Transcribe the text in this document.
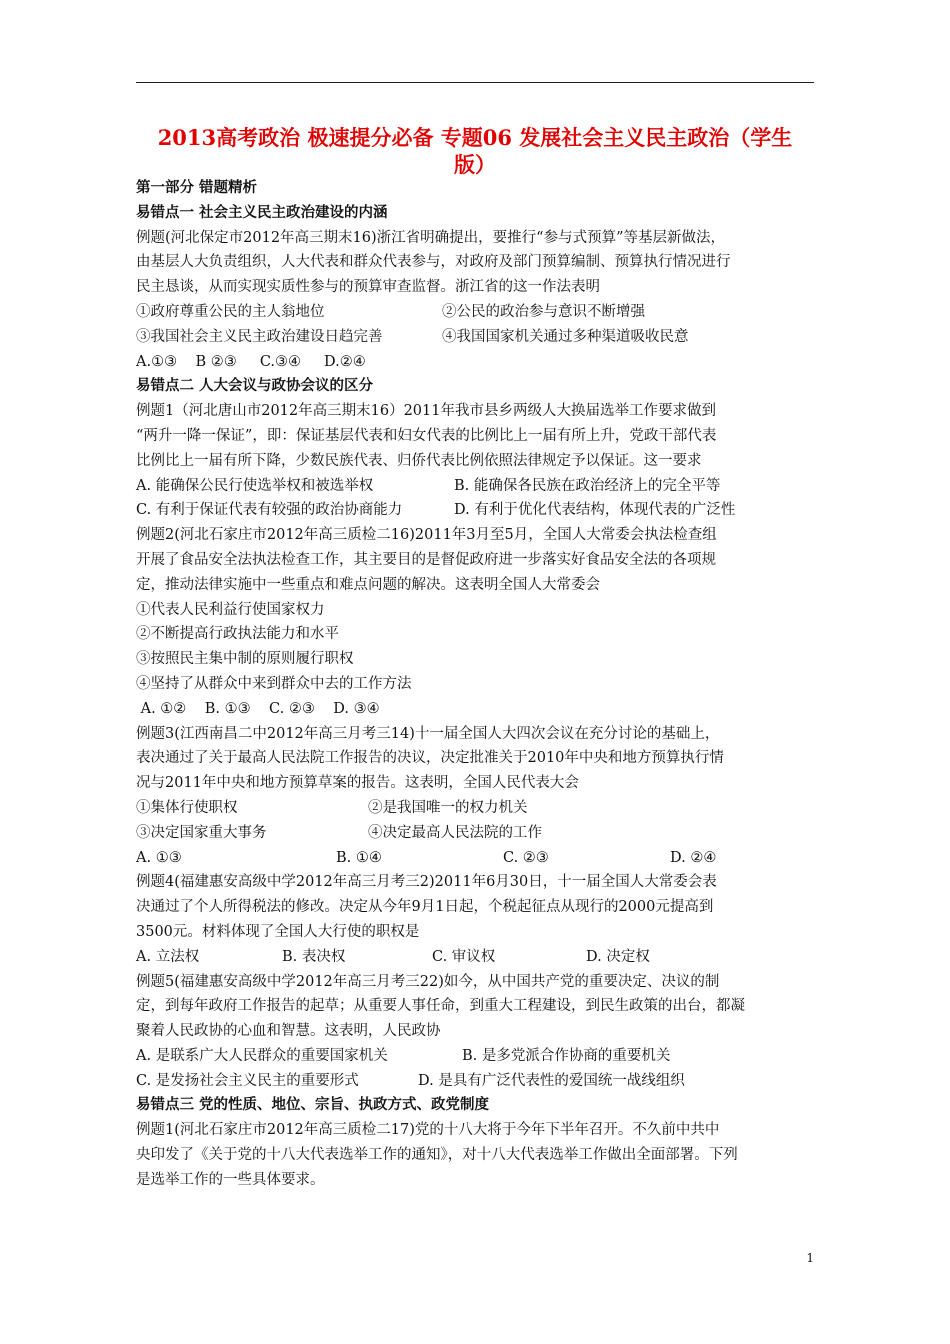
2013高考政治 极速提分必备 专题06 发展社会主义民主政治（学生
版）
第一部分 错题精析
易错点一 社会主义民主政治建设的内涵
例题(河北保定市2012年高三期末16)浙江省明确提出，要推行“参与式预算”等基层新做法，
由基层人大负责组织，人大代表和群众代表参与，对政府及部门预算编制、预算执行情况进行
民主恳谈，从而实现实质性参与的预算审查监督。浙江省的这一作法表明
①政府尊重公民的主人翁地位	②公民的政治参与意识不断增强
③我国社会主义民主政治建设日趋完善	④我国国家机关通过多种渠道吸收民意
A.①③    B ②③     C.③④     D.②④
易错点二 人大会议与政协会议的区分
例题1（河北唐山市2012年高三期末16）2011年我市县乡两级人大换届选举工作要求做到
“两升一降一保证”，即：保证基层代表和妇女代表的比例比上一届有所上升，党政干部代表
比例比上一届有所下降，少数民族代表、归侨代表比例依照法律规定予以保证。这一要求
A. 能确保公民行使选举权和被选举权	B. 能确保各民族在政治经济上的完全平等
C. 有利于保证代表有较强的政治协商能力	D. 有利于优化代表结构，体现代表的广泛性
例题2(河北石家庄市2012年高三质检二16)2011年3月至5月，全国人大常委会执法检查组
开展了食品安全法执法检查工作，其主要目的是督促政府进一步落实好食品安全法的各项规
定，推动法律实施中一些重点和难点问题的解决。这表明全国人大常委会
①代表人民利益行使国家权力
②不断提高行政执法能力和水平
③按照民主集中制的原则履行职权
④坚持了从群众中来到群众中去的工作方法
A. ①②    B. ①③    C. ②③    D. ③④
例题3(江西南昌二中2012年高三月考三14)十一届全国人大四次会议在充分讨论的基础上，
表决通过了关于最高人民法院工作报告的决议，决定批准关于2010年中央和地方预算执行情
况与2011年中央和地方预算草案的报告。这表明，全国人民代表大会
①集体行使职权	②是我国唯一的权力机关
③决定国家重大事务	④决定最高人民法院的工作
A. ①③	B. ①④	C. ②③	D. ②④
例题4(福建惠安高级中学2012年高三月考三2)2011年6月30日，十一届全国人大常委会表
决通过了个人所得税法的修改。决定从今年9月1日起，个税起征点从现行的2000元提高到
3500元。材料体现了全国人大行使的职权是
A. 立法权	B. 表决权	C. 审议权	D. 决定权
例题5(福建惠安高级中学2012年高三月考三22)如今，从中国共产党的重要决定、决议的制
定，到每年政府工作报告的起草；从重要人事任命，到重大工程建设，到民生政策的出台，都凝
聚着人民政协的心血和智慧。这表明，人民政协
A. 是联系广大人民群众的重要国家机关	B. 是多党派合作协商的重要机关
C. 是发扬社会主义民主的重要形式	D. 是具有广泛代表性的爱国统一战线组织
易错点三 党的性质、地位、宗旨、执政方式、政党制度
例题1(河北石家庄市2012年高三质检二17)党的十八大将于今年下半年召开。不久前中共中
央印发了《关于党的十八大代表选举工作的通知》，对十八大代表选举工作做出全面部署。下列
是选举工作的一些具体要求。
1
